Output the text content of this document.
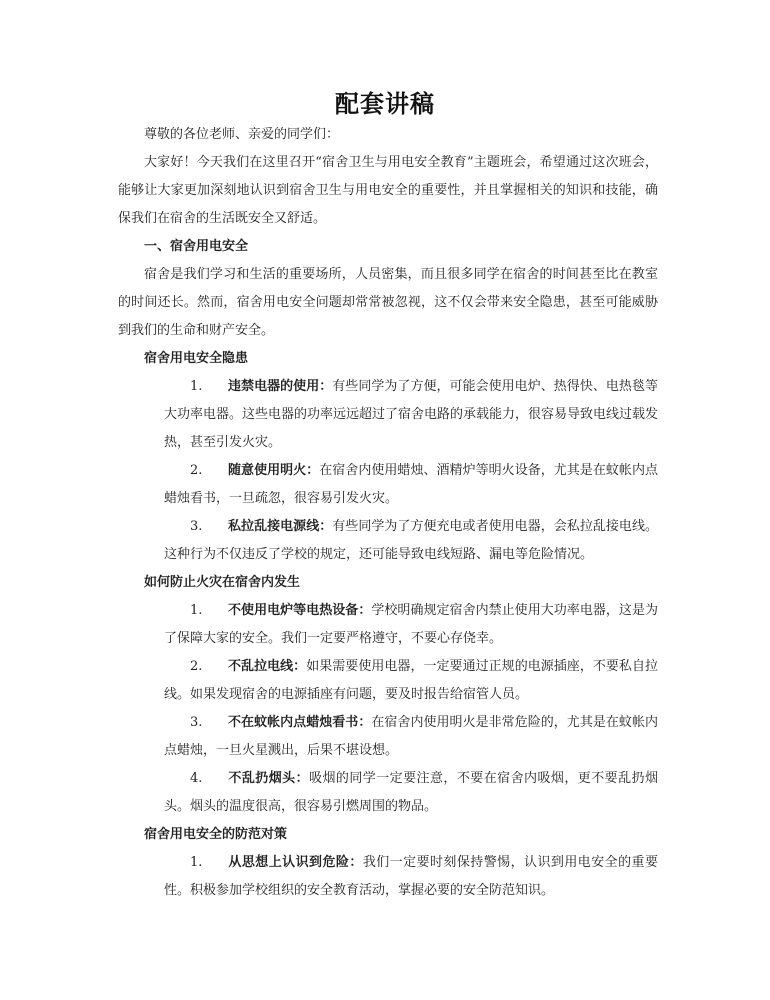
配套讲稿

尊敬的各位老师、亲爱的同学们：

大家好！今天我们在这里召开“宿舍卫生与用电安全教育”主题班会，希望通过这次班会，能够让大家更加深刻地认识到宿舍卫生与用电安全的重要性，并且掌握相关的知识和技能，确保我们在宿舍的生活既安全又舒适。

一、宿舍用电安全

宿舍是我们学习和生活的重要场所，人员密集，而且很多同学在宿舍的时间甚至比在教室的时间还长。然而，宿舍用电安全问题却常常被忽视，这不仅会带来安全隐患，甚至可能威胁到我们的生命和财产安全。

宿舍用电安全隐患

1. 违禁电器的使用：有些同学为了方便，可能会使用电炉、热得快、电热毯等大功率电器。这些电器的功率远远超过了宿舍电路的承载能力，很容易导致电线过载发热，甚至引发火灾。

2. 随意使用明火：在宿舍内使用蜡烛、酒精炉等明火设备，尤其是在蚊帐内点蜡烛看书，一旦疏忽，很容易引发火灾。

3. 私拉乱接电源线：有些同学为了方便充电或者使用电器，会私拉乱接电线。这种行为不仅违反了学校的规定，还可能导致电线短路、漏电等危险情况。

如何防止火灾在宿舍内发生

1. 不使用电炉等电热设备：学校明确规定宿舍内禁止使用大功率电器，这是为了保障大家的安全。我们一定要严格遵守，不要心存侥幸。

2. 不乱拉电线：如果需要使用电器，一定要通过正规的电源插座，不要私自拉线。如果发现宿舍的电源插座有问题，要及时报告给宿管人员。

3. 不在蚊帐内点蜡烛看书：在宿舍内使用明火是非常危险的，尤其是在蚊帐内点蜡烛，一旦火星溅出，后果不堪设想。

4. 不乱扔烟头：吸烟的同学一定要注意，不要在宿舍内吸烟，更不要乱扔烟头。烟头的温度很高，很容易引燃周围的物品。

宿舍用电安全的防范对策

1. 从思想上认识到危险：我们一定要时刻保持警惕，认识到用电安全的重要性。积极参加学校组织的安全教育活动，掌握必要的安全防范知识。
